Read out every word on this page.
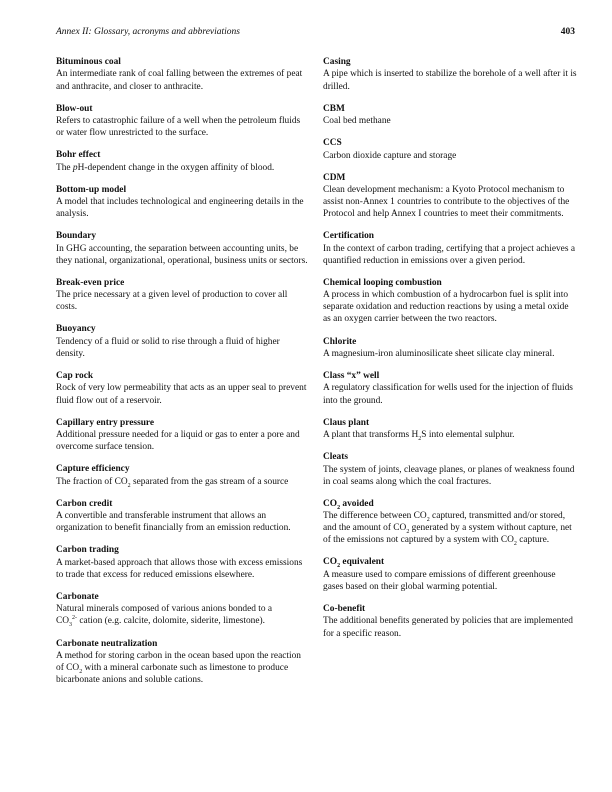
Annex II: Glossary, acronyms and abbreviations	403
Bituminous coal
An intermediate rank of coal falling between the extremes of peat and anthracite, and closer to anthracite.
Blow-out
Refers to catastrophic failure of a well when the petroleum fluids or water flow unrestricted to the surface.
Bohr effect
The pH-dependent change in the oxygen affinity of blood.
Bottom-up model
A model that includes technological and engineering details in the analysis.
Boundary
In GHG accounting, the separation between accounting units, be they national, organizational, operational, business units or sectors.
Break-even price
The price necessary at a given level of production to cover all costs.
Buoyancy
Tendency of a fluid or solid to rise through a fluid of higher density.
Cap rock
Rock of very low permeability that acts as an upper seal to prevent fluid flow out of a reservoir.
Capillary entry pressure
Additional pressure needed for a liquid or gas to enter a pore and overcome surface tension.
Capture efficiency
The fraction of $CO_2$ separated from the gas stream of a source
Carbon credit
A convertible and transferable instrument that allows an organization to benefit financially from an emission reduction.
Carbon trading
A market-based approach that allows those with excess emissions to trade that excess for reduced emissions elsewhere.
Carbonate
Natural minerals composed of various anions bonded to a
$CO_3^{2-}$ cation (e.g. calcite, dolomite, siderite, limestone).
Carbonate neutralization
A method for storing carbon in the ocean based upon the reaction of $CO_2$ with a mineral carbonate such as limestone to produce bicarbonate anions and soluble cations.
Casing
A pipe which is inserted to stabilize the borehole of a well after it is drilled.
CBM
Coal bed methane
CCS
Carbon dioxide capture and storage
CDM
Clean development mechanism: a Kyoto Protocol mechanism to assist non-Annex 1 countries to contribute to the objectives of the Protocol and help Annex I countries to meet their commitments.
Certification
In the context of carbon trading, certifying that a project achieves a quantified reduction in emissions over a given period.
Chemical looping combustion
A process in which combustion of a hydrocarbon fuel is split into separate oxidation and reduction reactions by using a metal oxide as an oxygen carrier between the two reactors.
Chlorite
A magnesium-iron aluminosilicate sheet silicate clay mineral.
Class “x” well
A regulatory classification for wells used for the injection of fluids into the ground.
Claus plant
A plant that transforms $H_2S$ into elemental sulphur.
Cleats
The system of joints, cleavage planes, or planes of weakness found in coal seams along which the coal fractures.
$CO_2$ avoided
The difference between $CO_2$ captured, transmitted and/or stored, and the amount of $CO_2$ generated by a system without capture, net of the emissions not captured by a system with $CO_2$ capture.
$CO_2$ equivalent
A measure used to compare emissions of different greenhouse gases based on their global warming potential.
Co-benefit
The additional benefits generated by policies that are implemented for a specific reason.
